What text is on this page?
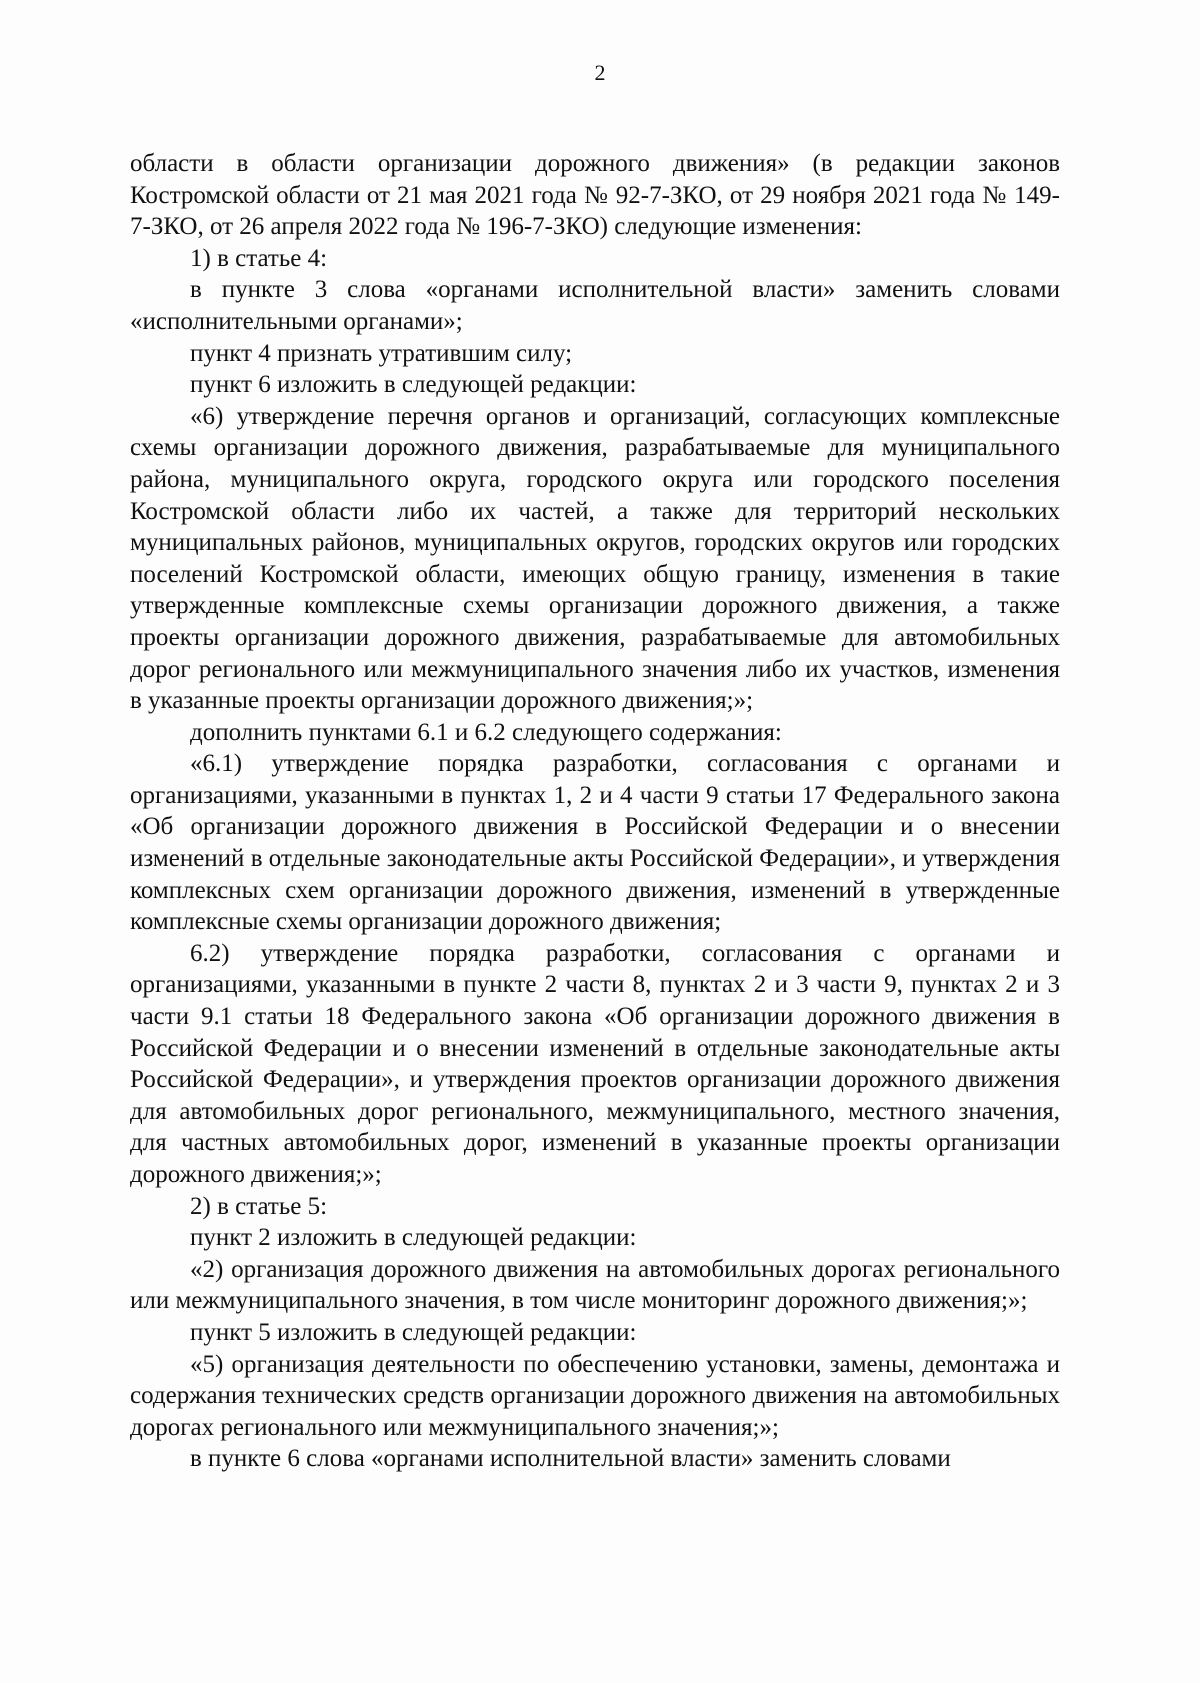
2

области в области организации дорожного движения» (в редакции законов Костромской области от 21 мая 2021 года № 92-7-ЗКО, от 29 ноября 2021 года № 149-7-ЗКО, от 26 апреля 2022 года № 196-7-ЗКО) следующие изменения:

1) в статье 4:

в пункте 3 слова «органами исполнительной власти» заменить словами «исполнительными органами»;

пункт 4 признать утратившим силу;

пункт 6 изложить в следующей редакции:

«6) утверждение перечня органов и организаций, согласующих комплексные схемы организации дорожного движения, разрабатываемые для муниципального района, муниципального округа, городского округа или городского поселения Костромской области либо их частей, а также для территорий нескольких муниципальных районов, муниципальных округов, городских округов или городских поселений Костромской области, имеющих общую границу, изменения в такие утвержденные комплексные схемы организации дорожного движения, а также проекты организации дорожного движения, разрабатываемые для автомобильных дорог регионального или межмуниципального значения либо их участков, изменения в указанные проекты организации дорожного движения;»;

дополнить пунктами 6.1 и 6.2 следующего содержания:

«6.1) утверждение порядка разработки, согласования с органами и организациями, указанными в пунктах 1, 2 и 4 части 9 статьи 17 Федерального закона «Об организации дорожного движения в Российской Федерации и о внесении изменений в отдельные законодательные акты Российской Федерации», и утверждения комплексных схем организации дорожного движения, изменений в утвержденные комплексные схемы организации дорожного движения;

6.2) утверждение порядка разработки, согласования с органами и организациями, указанными в пункте 2 части 8, пунктах 2 и 3 части 9, пунктах 2 и 3 части 9.1 статьи 18 Федерального закона «Об организации дорожного движения в Российской Федерации и о внесении изменений в отдельные законодательные акты Российской Федерации», и утверждения проектов организации дорожного движения для автомобильных дорог регионального, межмуниципального, местного значения, для частных автомобильных дорог, изменений в указанные проекты организации дорожного движения;»;

2) в статье 5:

пункт 2 изложить в следующей редакции:

«2) организация дорожного движения на автомобильных дорогах регионального или межмуниципального значения, в том числе мониторинг дорожного движения;»;

пункт 5 изложить в следующей редакции:

«5) организация деятельности по обеспечению установки, замены, демонтажа и содержания технических средств организации дорожного движения на автомобильных дорогах регионального или межмуниципального значения;»;

в пункте 6 слова «органами исполнительной власти» заменить словами
